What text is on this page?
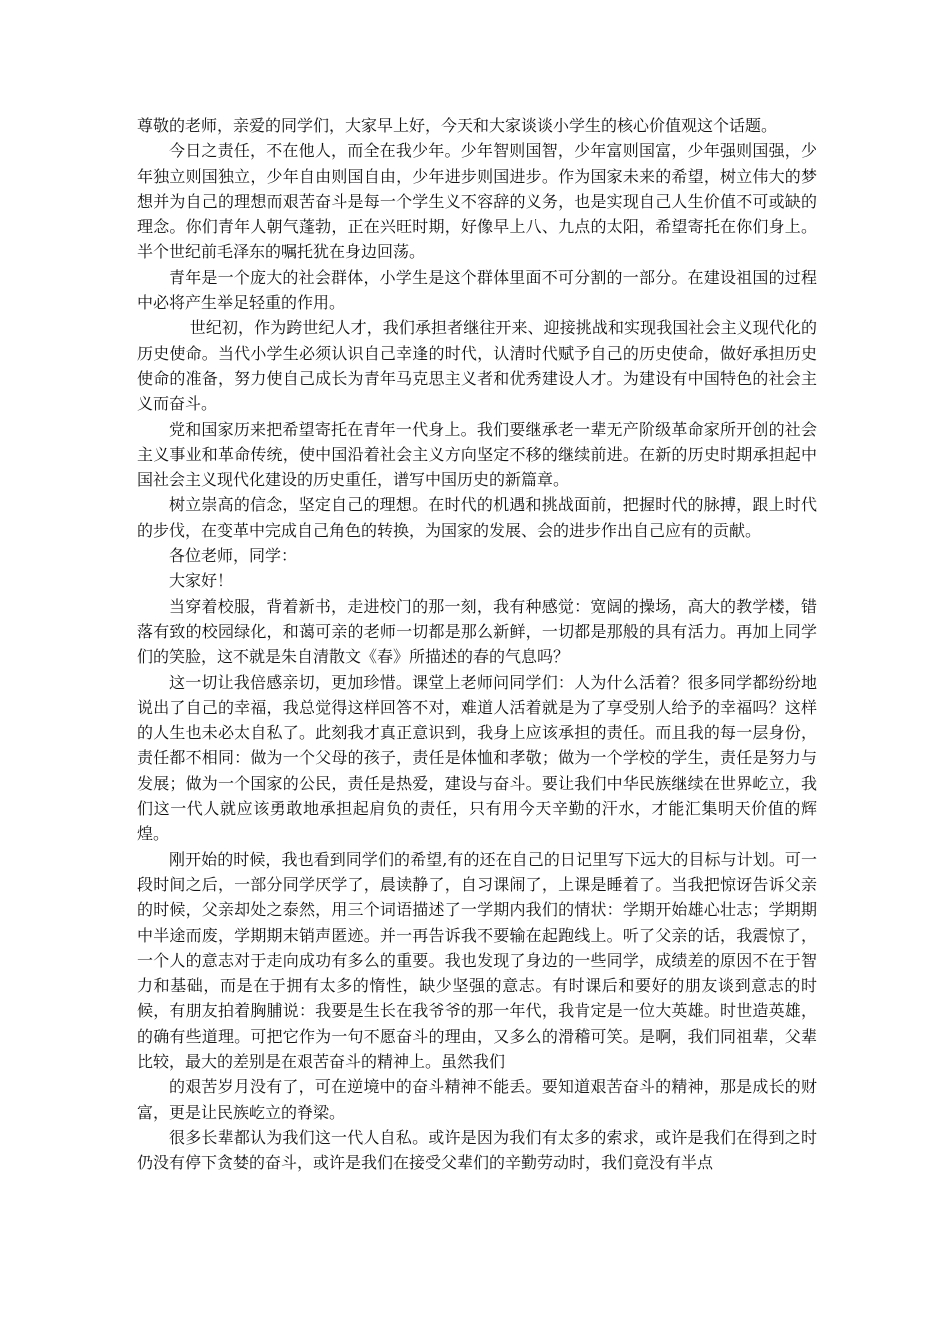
尊敬的老师，亲爱的同学们，大家早上好，今天和大家谈谈小学生的核心价值观这个话题。

今日之责任，不在他人，而全在我少年。少年智则国智，少年富则国富，少年强则国强，少年独立则国独立，少年自由则国自由，少年进步则国进步。作为国家未来的希望，树立伟大的梦想并为自己的理想而艰苦奋斗是每一个学生义不容辞的义务，也是实现自己人生价值不可或缺的理念。你们青年人朝气蓬勃，正在兴旺时期，好像早上八、九点的太阳，希望寄托在你们身上。半个世纪前毛泽东的嘱托犹在身边回荡。

青年是一个庞大的社会群体，小学生是这个群体里面不可分割的一部分。在建设祖国的过程中必将产生举足轻重的作用。

世纪初，作为跨世纪人才，我们承担者继往开来、迎接挑战和实现我国社会主义现代化的历史使命。当代小学生必须认识自己幸逢的时代，认清时代赋予自己的历史使命，做好承担历史使命的准备，努力使自己成长为青年马克思主义者和优秀建设人才。为建设有中国特色的社会主义而奋斗。

党和国家历来把希望寄托在青年一代身上。我们要继承老一辈无产阶级革命家所开创的社会主义事业和革命传统，使中国沿着社会主义方向坚定不移的继续前进。在新的历史时期承担起中国社会主义现代化建设的历史重任，谱写中国历史的新篇章。

树立崇高的信念，坚定自己的理想。在时代的机遇和挑战面前，把握时代的脉搏，跟上时代的步伐，在变革中完成自己角色的转换，为国家的发展、会的进步作出自己应有的贡献。

各位老师，同学：

大家好！

当穿着校服，背着新书，走进校门的那一刻，我有种感觉：宽阔的操场，高大的教学楼，错落有致的校园绿化，和蔼可亲的老师一切都是那么新鲜，一切都是那般的具有活力。再加上同学们的笑脸，这不就是朱自清散文《春》所描述的春的气息吗？

这一切让我倍感亲切，更加珍惜。课堂上老师问同学们：人为什么活着？很多同学都纷纷地说出了自己的幸福，我总觉得这样回答不对，难道人活着就是为了享受别人给予的幸福吗？这样的人生也未必太自私了。此刻我才真正意识到，我身上应该承担的责任。而且我的每一层身份，责任都不相同：做为一个父母的孩子，责任是体恤和孝敬；做为一个学校的学生，责任是努力与发展；做为一个国家的公民，责任是热爱，建设与奋斗。要让我们中华民族继续在世界屹立，我们这一代人就应该勇敢地承担起肩负的责任，只有用今天辛勤的汗水，才能汇集明天价值的辉煌。

刚开始的时候，我也看到同学们的希望,有的还在自己的日记里写下远大的目标与计划。可一段时间之后，一部分同学厌学了，晨读静了，自习课闹了，上课是睡着了。当我把惊讶告诉父亲的时候，父亲却处之泰然，用三个词语描述了一学期内我们的情状：学期开始雄心壮志；学期期中半途而废，学期期末销声匿迹。并一再告诉我不要输在起跑线上。听了父亲的话，我震惊了，一个人的意志对于走向成功有多么的重要。我也发现了身边的一些同学，成绩差的原因不在于智力和基础，而是在于拥有太多的惰性，缺少坚强的意志。有时课后和要好的朋友谈到意志的时候，有朋友拍着胸脯说：我要是生长在我爷爷的那一年代，我肯定是一位大英雄。时世造英雄，的确有些道理。可把它作为一句不愿奋斗的理由，又多么的滑稽可笑。是啊，我们同祖辈，父辈比较，最大的差别是在艰苦奋斗的精神上。虽然我们

的艰苦岁月没有了，可在逆境中的奋斗精神不能丢。要知道艰苦奋斗的精神，那是成长的财富，更是让民族屹立的脊梁。

很多长辈都认为我们这一代人自私。或许是因为我们有太多的索求，或许是我们在得到之时仍没有停下贪婪的奋斗，或许是我们在接受父辈们的辛勤劳动时，我们竟没有半点
